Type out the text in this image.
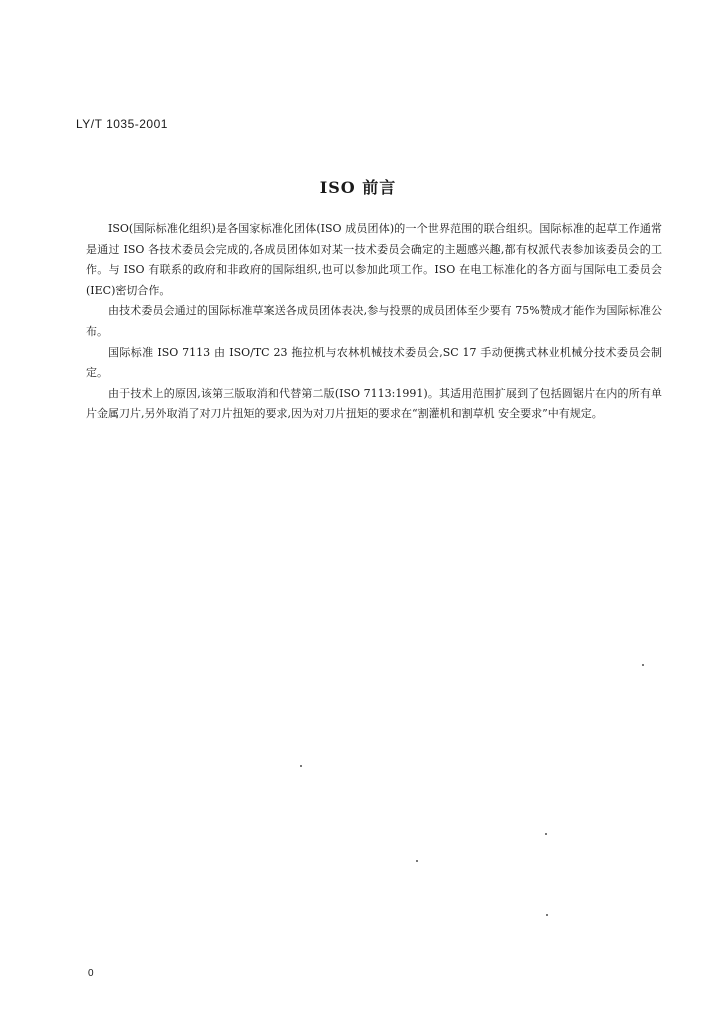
LY/T 1035-2001
ISO 前言

ISO(国际标准化组织)是各国家标准化团体(ISO 成员团体)的一个世界范围的联合组织。国际标准的起草工作通常是通过 ISO 各技术委员会完成的,各成员团体如对某一技术委员会确定的主题感兴趣,都有权派代表参加该委员会的工作。与 ISO 有联系的政府和非政府的国际组织,也可以参加此项工作。ISO 在电工标准化的各方面与国际电工委员会(IEC)密切合作。

由技术委员会通过的国际标准草案送各成员团体表决,参与投票的成员团体至少要有 75%赞成才能作为国际标准公布。

国际标准 ISO 7113 由 ISO/TC 23 拖拉机与农林机械技术委员会,SC 17 手动便携式林业机械分技术委员会制定。

由于技术上的原因,该第三版取消和代替第二版(ISO 7113:1991)。其适用范围扩展到了包括圆锯片在内的所有单片金属刀片,另外取消了对刀片扭矩的要求,因为对刀片扭矩的要求在“割灌机和割草机 安全要求”中有规定。

0
